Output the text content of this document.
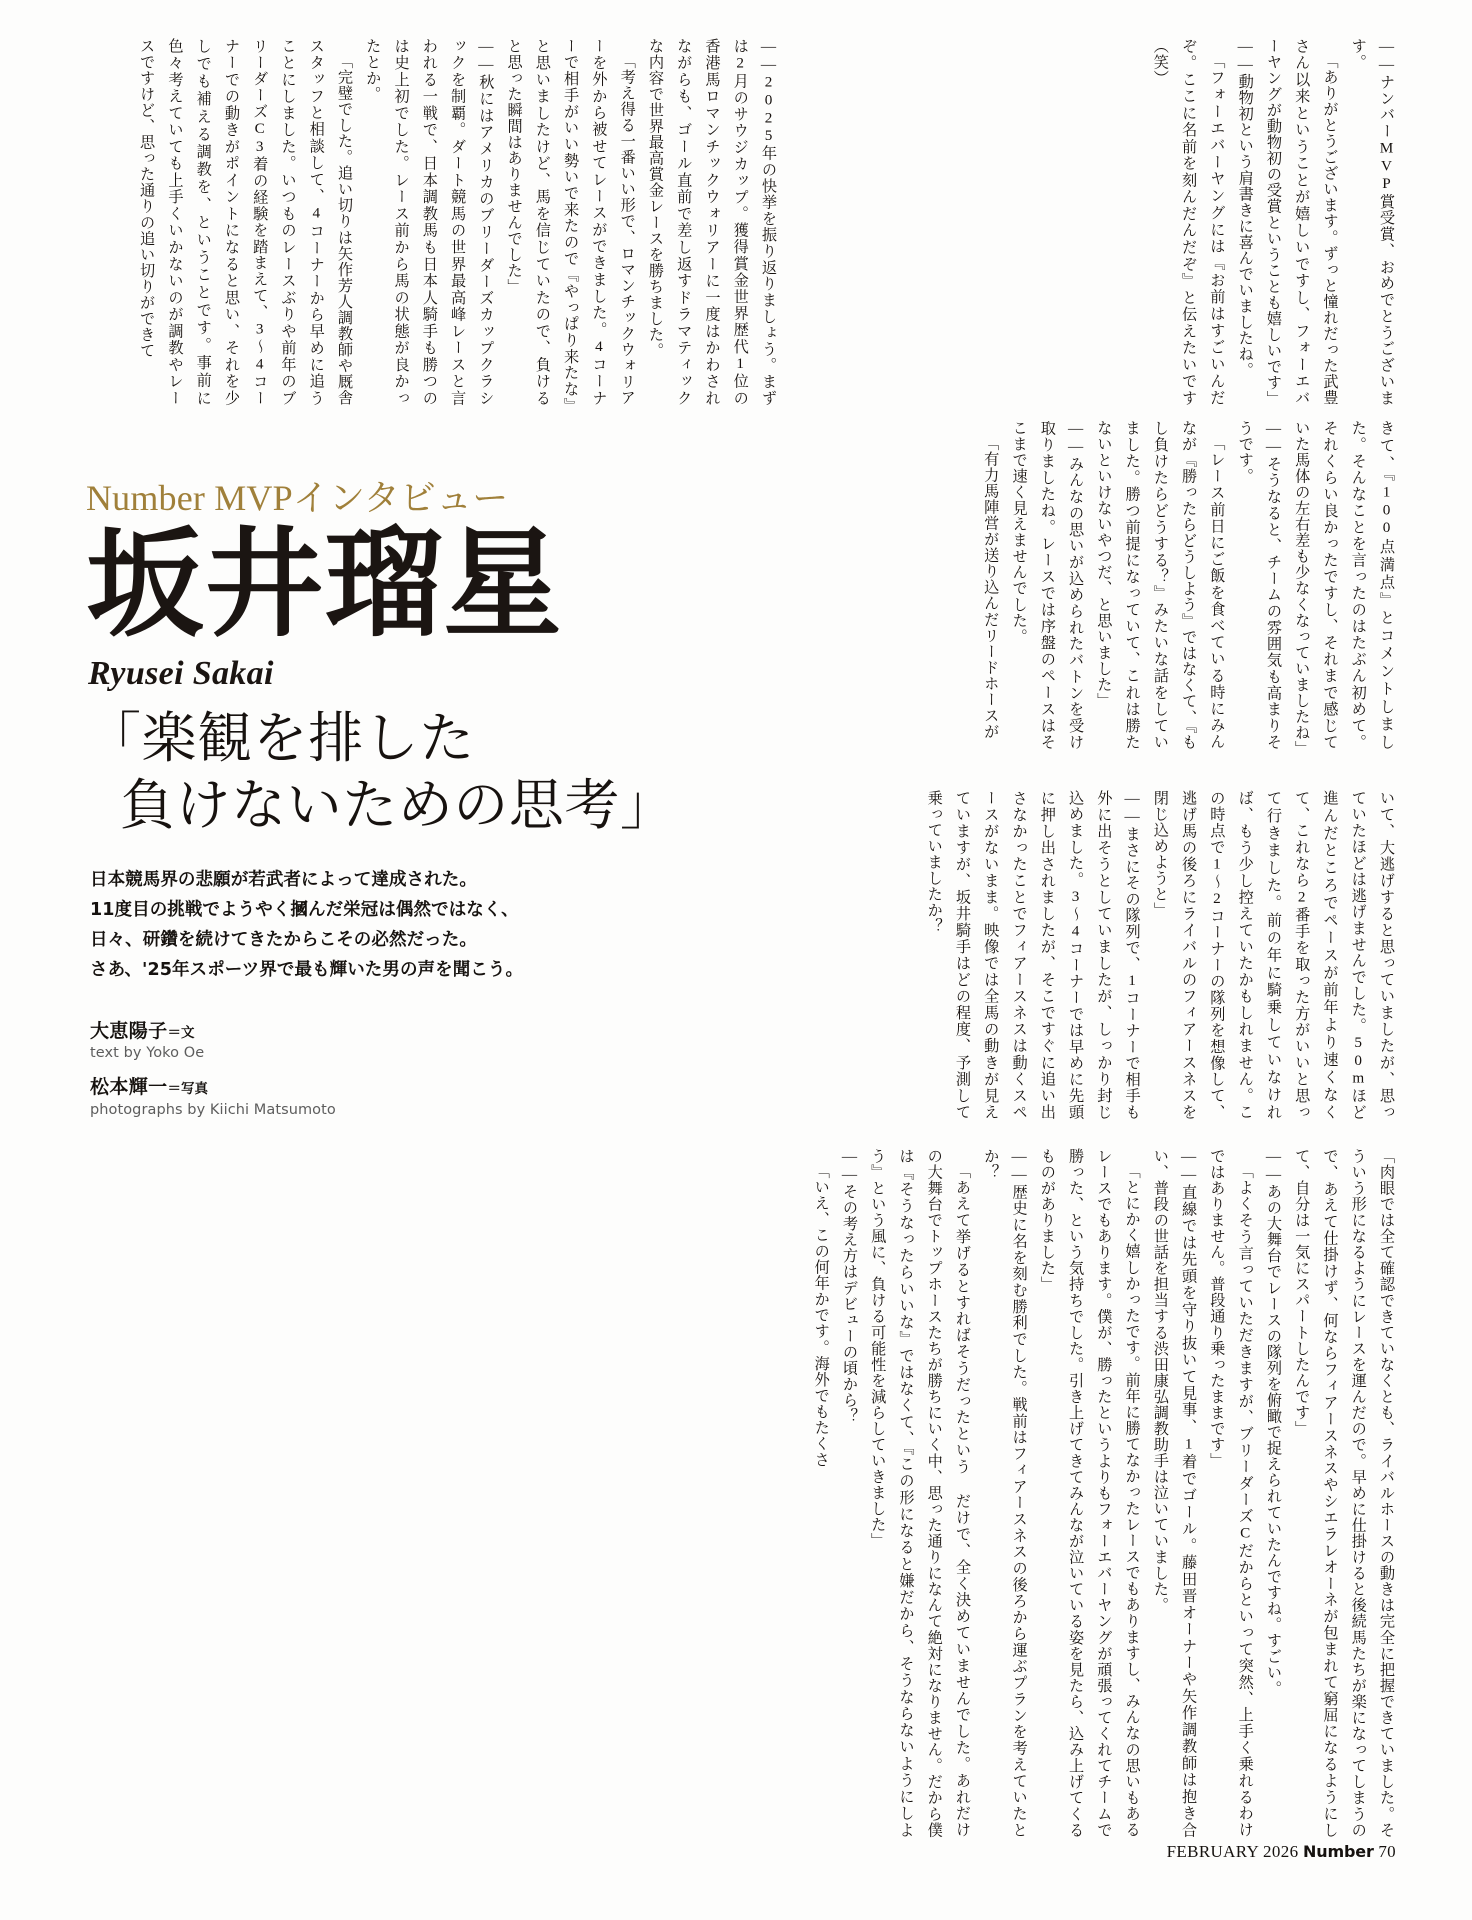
——ナンバーMVP賞受賞、おめでとうございます。

「ありがとうございます。ずっと憧れだった武豊さん以来ということが嬉しいですし、フォーエバーヤングが動物初の受賞ということも嬉しいです」

——動物初という肩書きに喜んでいましたね。

「フォーエバーヤングには『お前はすごいんだぞ。ここに名前を刻んだんだぞ』と伝えたいです（笑）

——2025年の快挙を振り返りましょう。まずは2月のサウジカップ。獲得賞金世界歴代1位の香港馬ロマンチックウォリアーに一度はかわされながらも、ゴール直前で差し返すドラマティックな内容で世界最高賞金レースを勝ちました。

「考え得る一番いい形で、ロマンチックウォリアーを外から被せてレースができました。4コーナーで相手がいい勢いで来たので『やっぱり来たな』と思いましたけど、馬を信じていたので、負けると思った瞬間はありませんでした」

——秋にはアメリカのブリーダーズカップクラシックを制覇。ダート競馬の世界最高峰レースと言われる一戦で、日本調教馬も日本人騎手も勝つのは史上初でした。レース前から馬の状態が良かったとか。

「完璧でした。追い切りは矢作芳人調教師や厩舎スタッフと相談して、4コーナーから早めに追うことにしました。いつものレースぶりや前年のブリーダーズC3着の経験を踏まえて、3〜4コーナーでの動きがポイントになると思い、それを少しでも補える調教を、ということです。事前に色々考えていても上手くいかないのが調教やレースですけど、思った通りの追い切りができて

きて、『100点満点』とコメントしました。そんなことを言ったのはたぶん初めて。それくらい良かったですし、それまで感じていた馬体の左右差も少なくなっていましたね」

——そうなると、チームの雰囲気も高まりそうです。

「レース前日にご飯を食べている時にみんなが『勝ったらどうしよう』ではなくて、『もし負けたらどうする？』みたいな話をしていました。勝つ前提になっていて、これは勝たないといけないやつだ、と思いました」

——みんなの思いが込められたバトンを受け取りましたね。レースでは序盤のペースはそこまで速く見えませんでした。

「有力馬陣営が送り込んだリードホースが

いて、大逃げすると思っていましたが、思っていたほどは逃げませんでした。50mほど進んだところでペースが前年より速くなくて、これなら2番手を取った方がいいと思って行きました。前の年に騎乗していなければ、もう少し控えていたかもしれません。この時点で1〜2コーナーの隊列を想像して、逃げ馬の後ろにライバルのフィアースネスを閉じ込めようと」

——まさにその隊列で、1コーナーで相手も外に出そうとしていましたが、しっかり封じ込めました。3〜4コーナーでは早めに先頭に押し出されましたが、そこですぐに追い出さなかったことでフィアースネスは動くスペースがないまま。映像では全馬の動きが見えていますが、坂井騎手はどの程度、予測して乗っていましたか？

「肉眼では全て確認できていなくとも、ライバルホースの動きは完全に把握できていました。そういう形になるようにレースを運んだので。早めに仕掛けると後続馬たちが楽になってしまうので、あえて仕掛けず、何ならフィアースネスやシエラレオーネが包まれて窮屈になるようにして、自分は一気にスパートしたんです」

——あの大舞台でレースの隊列を俯瞰で捉えられていたんですね。すごい。

「よくそう言っていただきますが、ブリーダーズCだからといって突然、上手く乗れるわけではありません。普段通り乗ったままです」

——直線では先頭を守り抜いて見事、1着でゴール。藤田晋オーナーや矢作調教師は抱き合い、普段の世話を担当する渋田康弘調教助手は泣いていました。

「とにかく嬉しかったです。前年に勝てなかったレースでもありますし、みんなの思いもあるレースでもあります。僕が、勝ったというよりもフォーエバーヤングが頑張ってくれてチームで勝った、という気持ちでした。引き上げてきてみんなが泣いている姿を見たら、込み上げてくるものがありました」

——歴史に名を刻む勝利でした。戦前はフィアースネスの後ろから運ぶプランを考えていたとか？

「あえて挙げるとすればそうだったという だけで、全く決めていませんでした。あれだけの大舞台でトップホースたちが勝ちにいく中、思った通りになんて絶対になりません。だから僕は『そうなったらいいな』ではなくて、『この形になると嫌だから、そうならないようにしよう』という風に、負ける可能性を減らしていきました」

——その考え方はデビューの頃から？

「いえ、この何年かです。海外でもたくさ

Number MVPインタビュー
坂井瑠星
Ryusei Sakai
「楽観を排した
負けないための思考」
日本競馬界の悲願が若武者によって達成された。
11度目の挑戦でようやく摑んだ栄冠は偶然ではなく、
日々、研鑽を続けてきたからこその必然だった。
さあ、'25年スポーツ界で最も輝いた男の声を聞こう。
大恵陽子＝文
text by Yoko Oe
松本輝一＝写真
photographs by Kiichi Matsumoto
FEBRUARY 2026 Number 70
